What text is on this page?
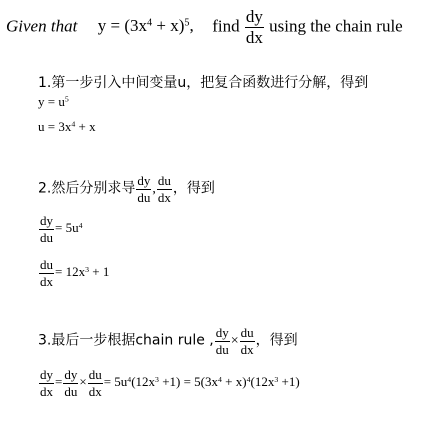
Given that $y = (3x^4 + x)^5$, find $\frac{dy}{dx}$ using the chain rule
1.第一步引入中间变量u，把复合函数进行分解，得到
$y = u^5$
$u = 3x^4 + x$
2.然后分别求导 $\frac{dy}{du}$ , $\frac{du}{dx}$ ，得到
$\frac{dy}{du} = 5u^4$
$\frac{du}{dx} = 12x^3 + 1$
3.最后一步根据chain rule , $\frac{dy}{du} \times \frac{du}{dx}$ ，得到
$\frac{dy}{dx} = \frac{dy}{du} \times \frac{du}{dx} = 5u^4(12x^3 +1) = 5(3x^4 + x)^4(12x^3 +1)$
